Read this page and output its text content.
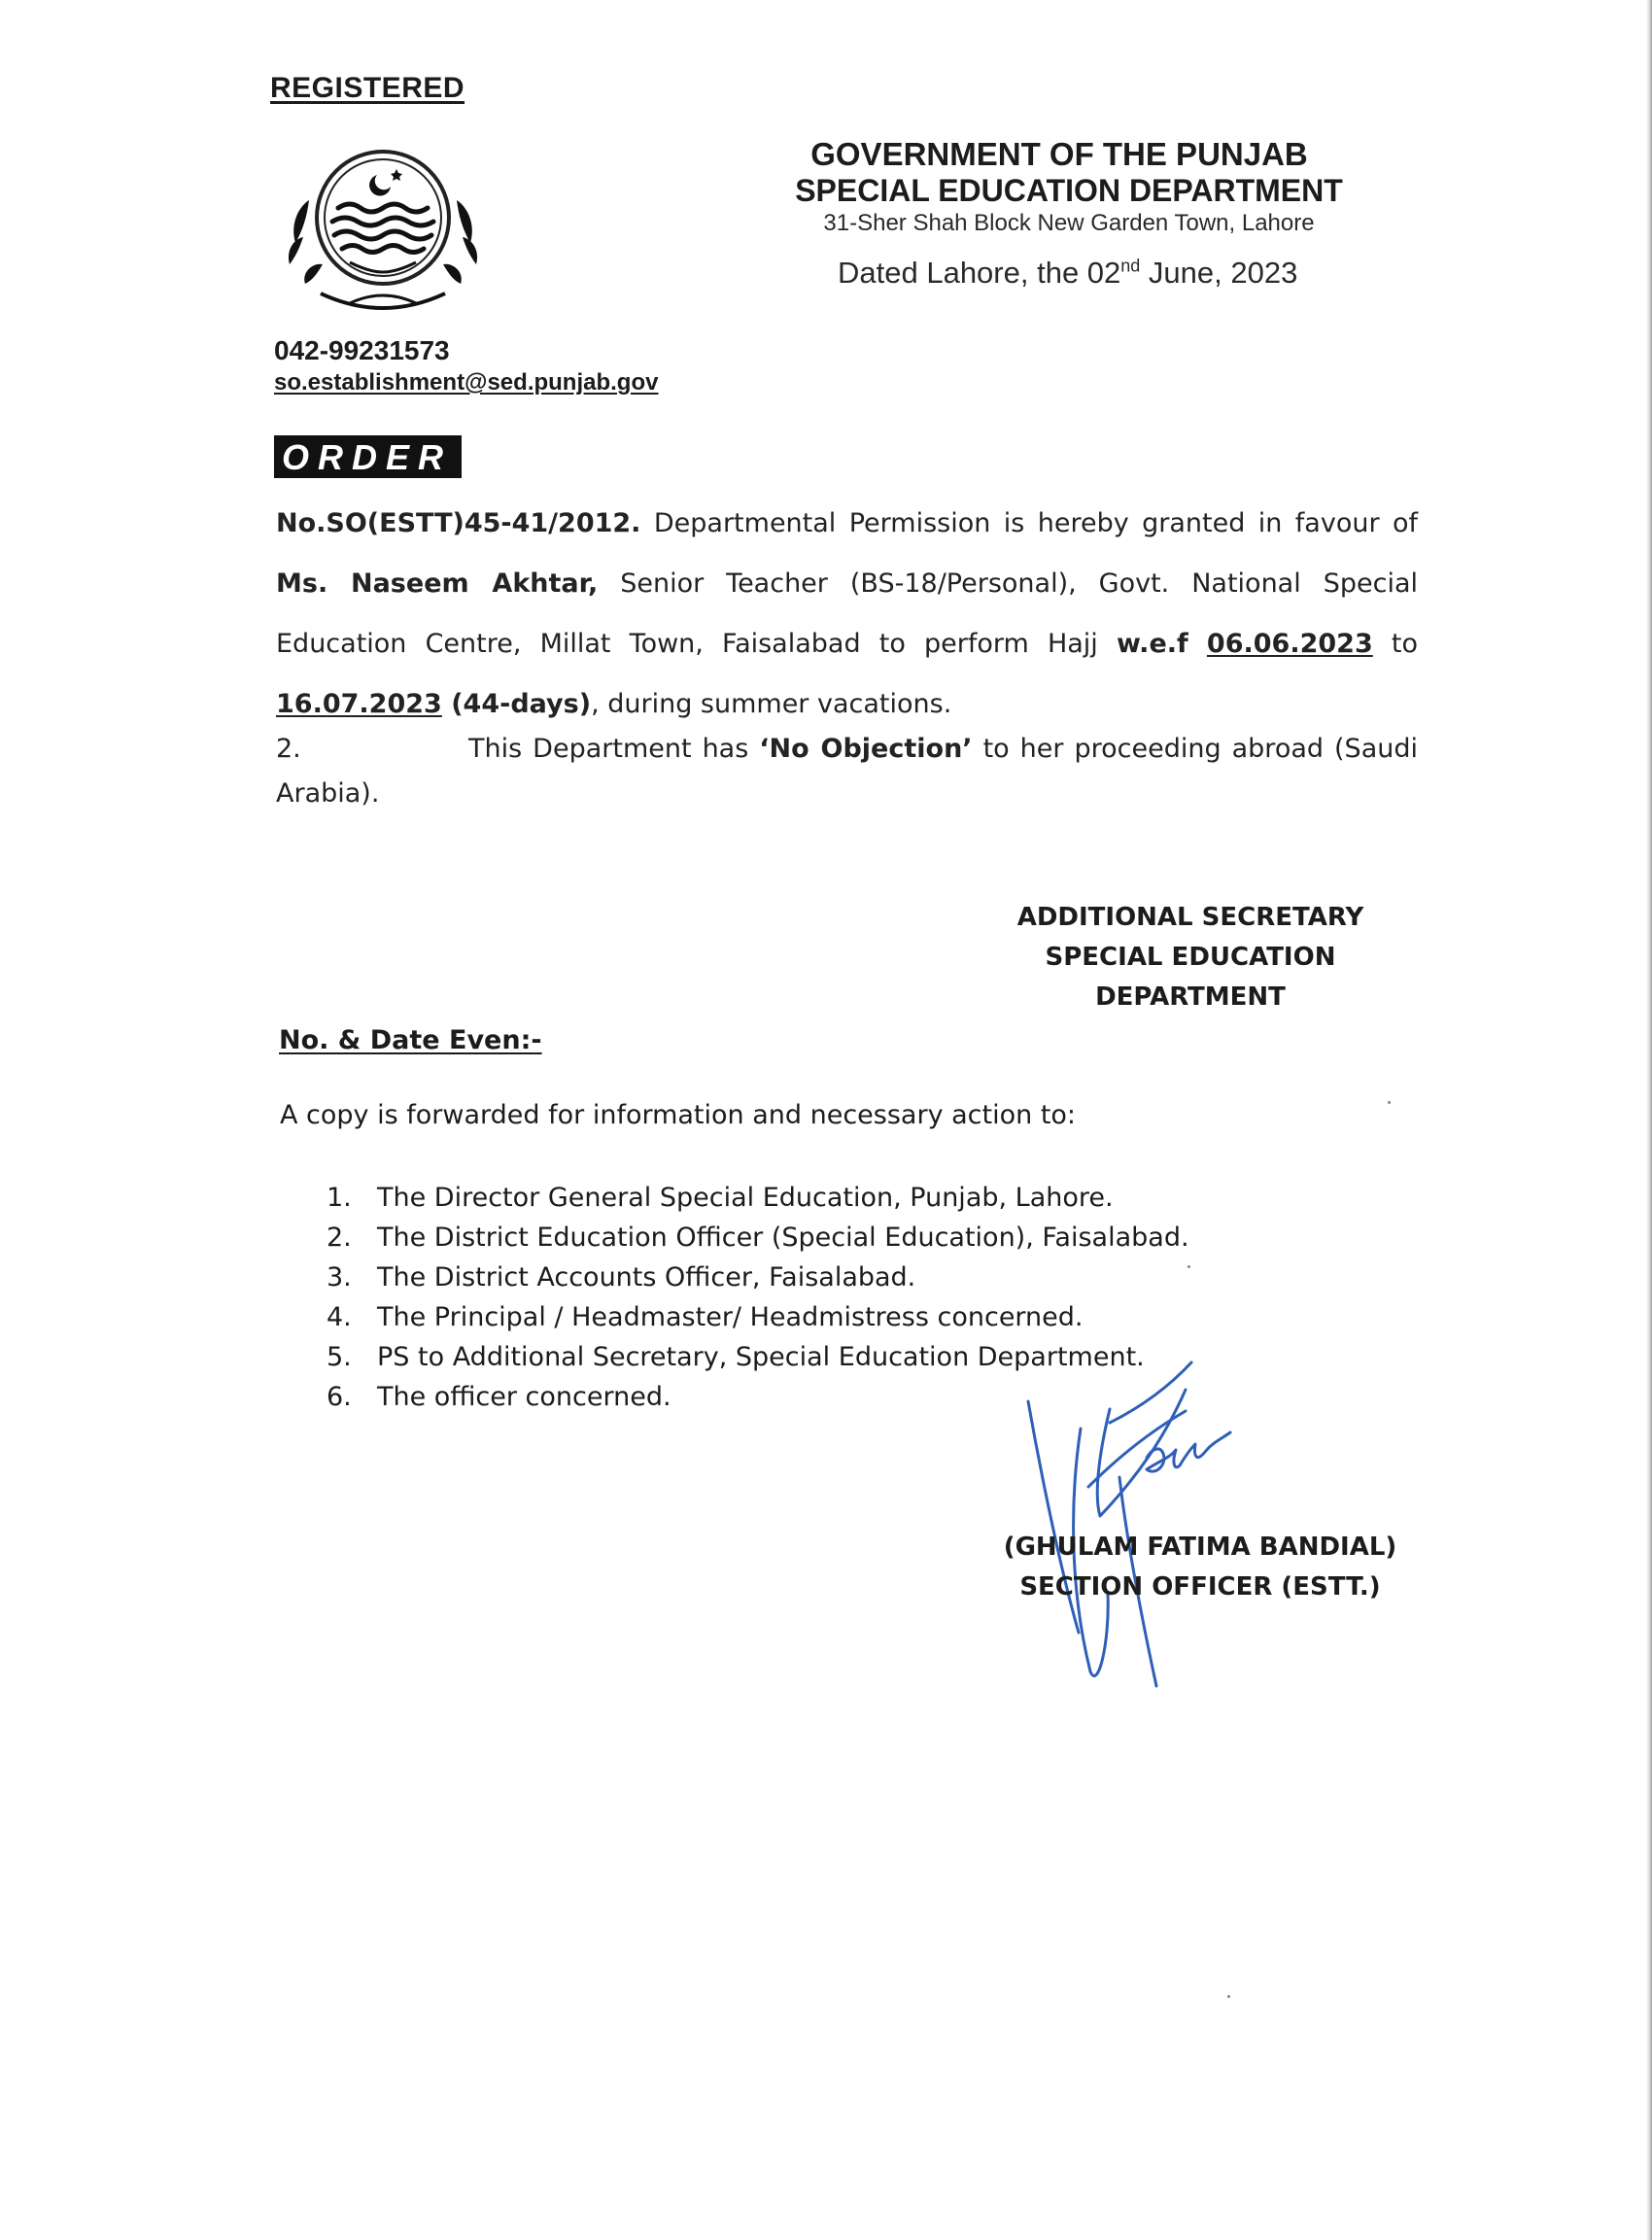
REGISTERED
GOVERNMENT OF THE PUNJAB
SPECIAL EDUCATION DEPARTMENT
31-Sher Shah Block New Garden Town, Lahore
Dated Lahore, the 02nd June, 2023
042-99231573
so.establishment@sed.punjab.gov
ORDER
No.SO(ESTT)45-41/2012. Departmental Permission is hereby granted in favour of Ms. Naseem Akhtar, Senior Teacher (BS-18/Personal), Govt. National Special Education Centre, Millat Town, Faisalabad to perform Hajj w.e.f 06.06.2023 to 16.07.2023 (44-days), during summer vacations.
2.	This Department has ‘No Objection’ to her proceeding abroad (Saudi Arabia).
ADDITIONAL SECRETARY
SPECIAL EDUCATION
DEPARTMENT
No. & Date Even:-
A copy is forwarded for information and necessary action to:
1. The Director General Special Education, Punjab, Lahore.
2. The District Education Officer (Special Education), Faisalabad.
3. The District Accounts Officer, Faisalabad.
4. The Principal / Headmaster/ Headmistress concerned.
5. PS to Additional Secretary, Special Education Department.
6. The officer concerned.
(GHULAM FATIMA BANDIAL)
SECTION OFFICER (ESTT.)
